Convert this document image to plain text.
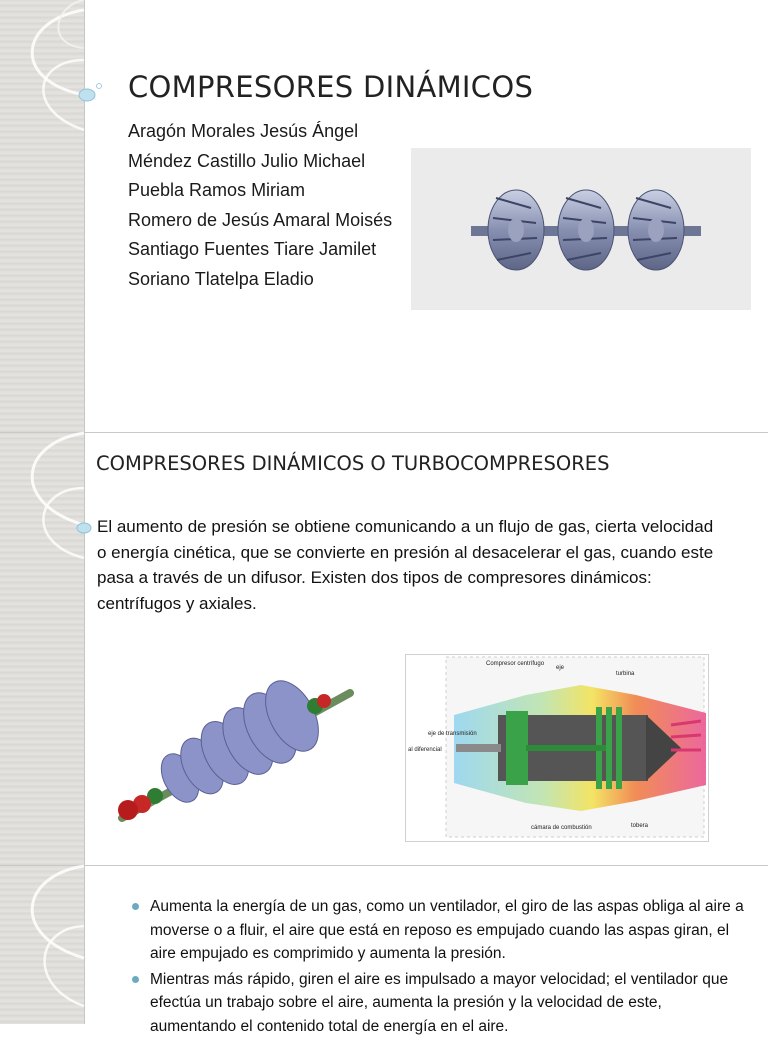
COMPRESORES DINÁMICOS
Aragón Morales Jesús Ángel
Méndez Castillo Julio Michael
Puebla Ramos Miriam
Romero de Jesús Amaral Moisés
Santiago Fuentes Tiare Jamilet
Soriano Tlatelpa Eladio
COMPRESORES DINÁMICOS O TURBOCOMPRESORES

El aumento de presión se obtiene comunicando a un flujo de gas, cierta velocidad o energía cinética, que se convierte en presión al desacelerar el gas, cuando este pasa a través de un difusor. Existen dos tipos de compresores dinámicos: centrífugos y axiales.

Compresor centrífugo
eje
turbina
eje de transmisión
al diferencial
cámara de combustión	tobera
Aumenta la energía de un gas, como un ventilador, el giro de las aspas obliga al aire a moverse o a fluir, el aire que está en reposo es empujado cuando las aspas giran, el aire empujado es comprimido y aumenta la presión.
Mientras más rápido, giren el aire es impulsado a mayor velocidad; el ventilador que efectúa un trabajo sobre el aire, aumenta la presión y la velocidad de este, aumentando el contenido total de energía en el aire.
